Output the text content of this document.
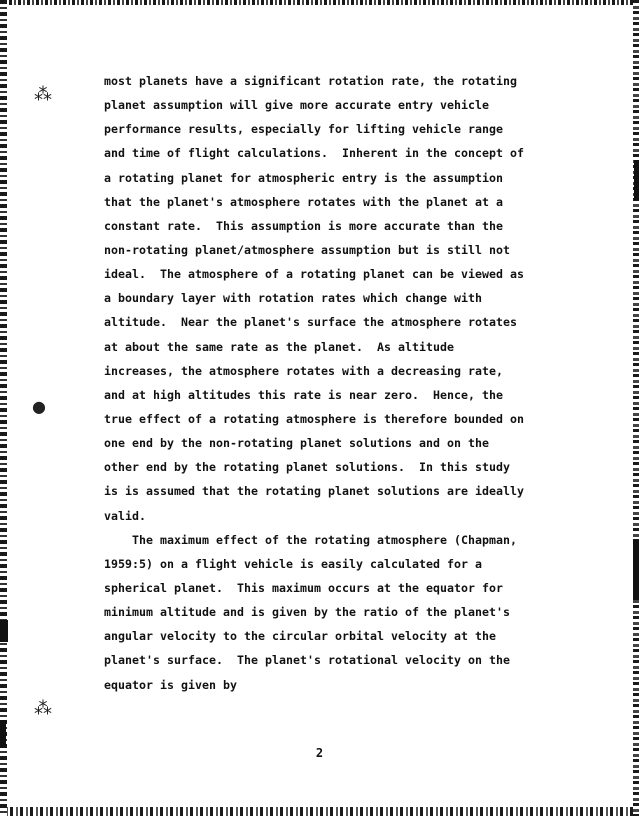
⁂
●
⁂
most planets have a significant rotation rate, the rotating
planet assumption will give more accurate entry vehicle
performance results, especially for lifting vehicle range
and time of flight calculations.  Inherent in the concept of
a rotating planet for atmospheric entry is the assumption
that the planet's atmosphere rotates with the planet at a
constant rate.  This assumption is more accurate than the
non-rotating planet/atmosphere assumption but is still not
ideal.  The atmosphere of a rotating planet can be viewed as
a boundary layer with rotation rates which change with
altitude.  Near the planet's surface the atmosphere rotates
at about the same rate as the planet.  As altitude
increases, the atmosphere rotates with a decreasing rate,
and at high altitudes this rate is near zero.  Hence, the
true effect of a rotating atmosphere is therefore bounded on
one end by the non-rotating planet solutions and on the
other end by the rotating planet solutions.  In this study
is is assumed that the rotating planet solutions are ideally
valid.
The maximum effect of the rotating atmosphere (Chapman,
1959:5) on a flight vehicle is easily calculated for a
spherical planet.  This maximum occurs at the equator for
minimum altitude and is given by the ratio of the planet's
angular velocity to the circular orbital velocity at the
planet's surface.  The planet's rotational velocity on the
equator is given by
2
